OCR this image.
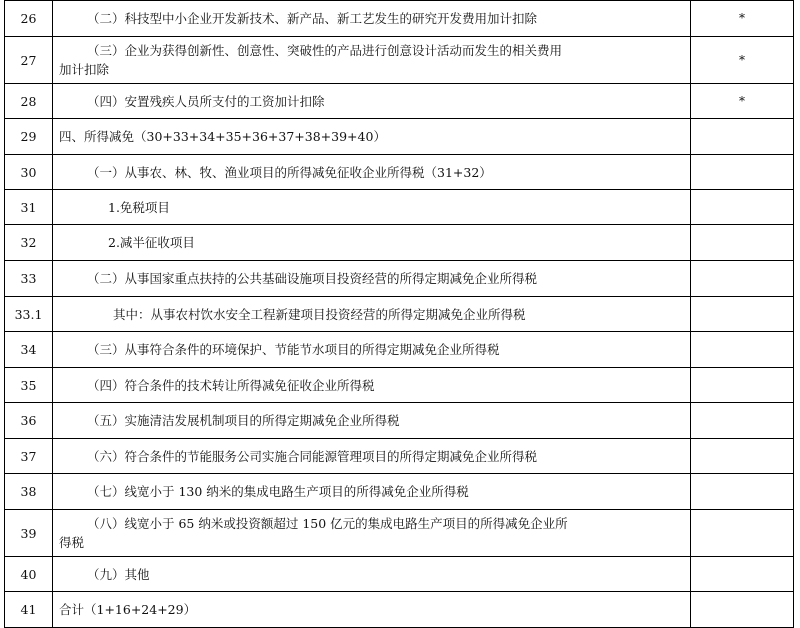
26	（二）科技型中小企业开发新技术、新产品、新工艺发生的研究开发费用加计扣除	*
27	（三）企业为获得创新性、创意性、突破性的产品进行创意设计活动而发生的相关费用
加计扣除	*
28	（四）安置残疾人员所支付的工资加计扣除	*
29	四、所得减免（30+33+34+35+36+37+38+39+40）	
30	（一）从事农、林、牧、渔业项目的所得减免征收企业所得税（31+32）	
31	1.免税项目	
32	2.减半征收项目	
33	（二）从事国家重点扶持的公共基础设施项目投资经营的所得定期减免企业所得税	
33.1	其中：从事农村饮水安全工程新建项目投资经营的所得定期减免企业所得税	
34	（三）从事符合条件的环境保护、节能节水项目的所得定期减免企业所得税	
35	（四）符合条件的技术转让所得减免征收企业所得税	
36	（五）实施清洁发展机制项目的所得定期减免企业所得税	
37	（六）符合条件的节能服务公司实施合同能源管理项目的所得定期减免企业所得税	
38	（七）线宽小于 130 纳米的集成电路生产项目的所得减免企业所得税	
39	（八）线宽小于 65 纳米或投资额超过 150 亿元的集成电路生产项目的所得减免企业所
得税	

40	（九）其他	
41	合计（1+16+24+29）	
